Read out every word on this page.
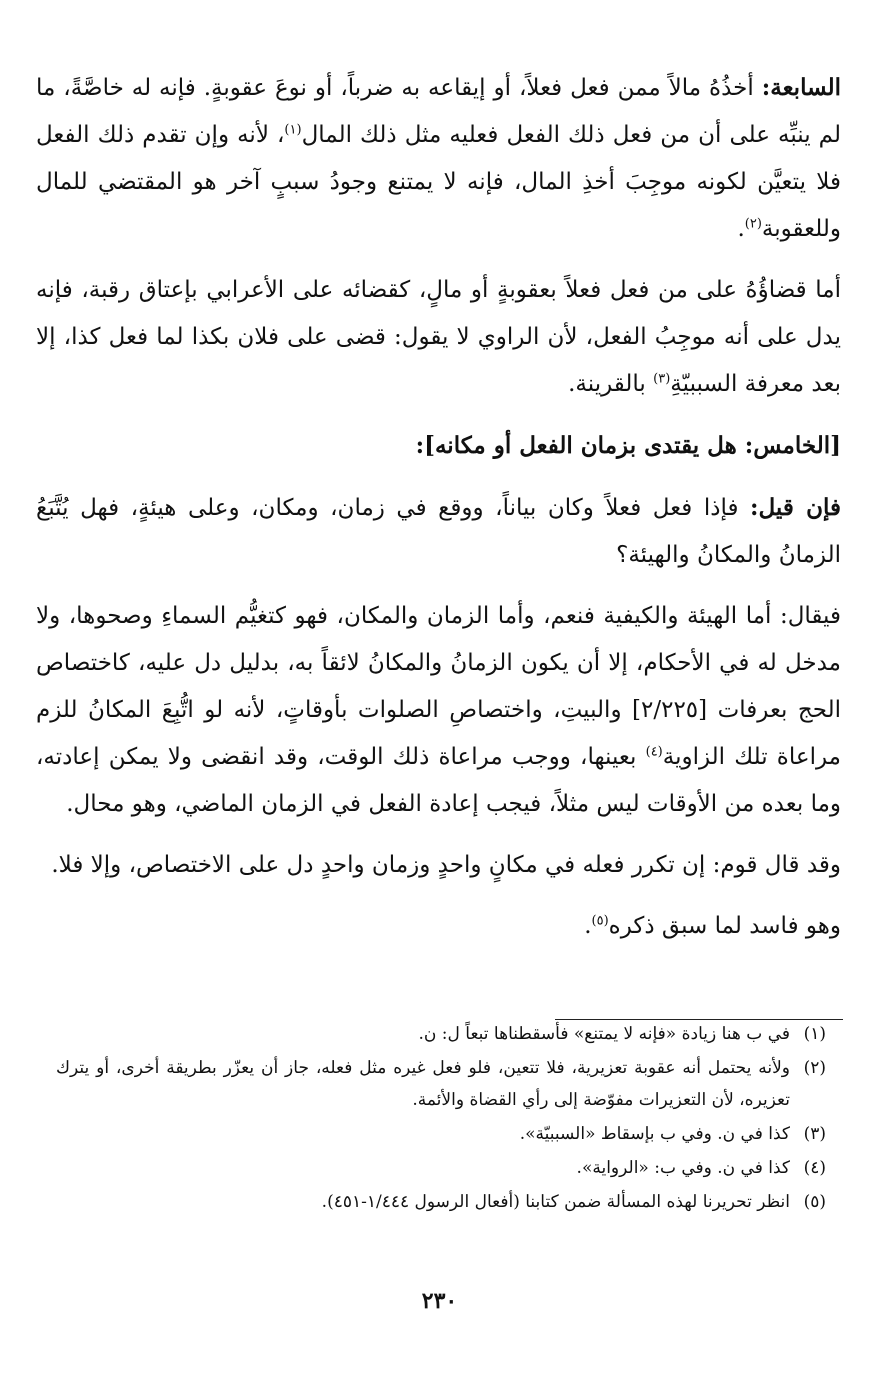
السابعة: أخذُهُ مالاً ممن فعل فعلاً، أو إيقاعه به ضرباً، أو نوعَ عقوبةٍ. فإنه له خاصَّةً، ما لم ينبِّه على أن من فعل ذلك الفعل فعليه مثل ذلك المال$^{(١)}$، لأنه وإن تقدم ذلك الفعل فلا يتعيَّن لكونه موجِبَ أخذِ المال، فإنه لا يمتنع وجودُ سببٍ آخر هو المقتضي للمال وللعقوبة$^{(٢)}$.

أما قضاؤُهُ على من فعل فعلاً بعقوبةٍ أو مالٍ، كقضائه على الأعرابي بإعتاق رقبة، فإنه يدل على أنه موجِبُ الفعل، لأن الراوي لا يقول: قضى على فلان بكذا لما فعل كذا، إلا بعد معرفة السببيّةِ$^{(٣)}$ بالقرينة.

[الخامس: هل يقتدى بزمان الفعل أو مكانه]:

فإن قيل: فإذا فعل فعلاً وكان بياناً، ووقع في زمان، ومكان، وعلى هيئةٍ، فهل يُتَّبَعُ الزمانُ والمكانُ والهيئة؟

فيقال: أما الهيئة والكيفية فنعم، وأما الزمان والمكان، فهو كتغيُّم السماءِ وصحوها، ولا مدخل له في الأحكام، إلا أن يكون الزمانُ والمكانُ لائقاً به، بدليل دل عليه، كاختصاص الحج بعرفات [٢/٢٢٥] والبيتِ، واختصاصِ الصلوات بأوقاتٍ، لأنه لو اتُّبِعَ المكانُ للزم مراعاة تلك الزاوية$^{(٤)}$ بعينها، ووجب مراعاة ذلك الوقت، وقد انقضى ولا يمكن إعادته، وما بعده من الأوقات ليس مثلاً، فيجب إعادة الفعل في الزمان الماضي، وهو محال.

وقد قال قوم: إن تكرر فعله في مكانٍ واحدٍ وزمان واحدٍ دل على الاختصاص، وإلا فلا.

وهو فاسد لما سبق ذكره$^{(٥)}$.

(١)
في ب هنا زيادة «فإنه لا يمتنع» فأسقطناها تبعاً ل: ن.
(٢)
ولأنه يحتمل أنه عقوبة تعزيرية، فلا تتعين، فلو فعل غيره مثل فعله، جاز أن يعزّر بطريقة أخرى، أو يترك تعزيره، لأن التعزيرات مفوّضة إلى رأي القضاة والأئمة.
(٣)
كذا في ن. وفي ب بإسقاط «السببيّة».
(٤)
كذا في ن. وفي ب: «الرواية».
(٥)
انظر تحريرنا لهذه المسألة ضمن كتابنا (أفعال الرسول ١/٤٤٤-٤٥١).
٢٣٠
